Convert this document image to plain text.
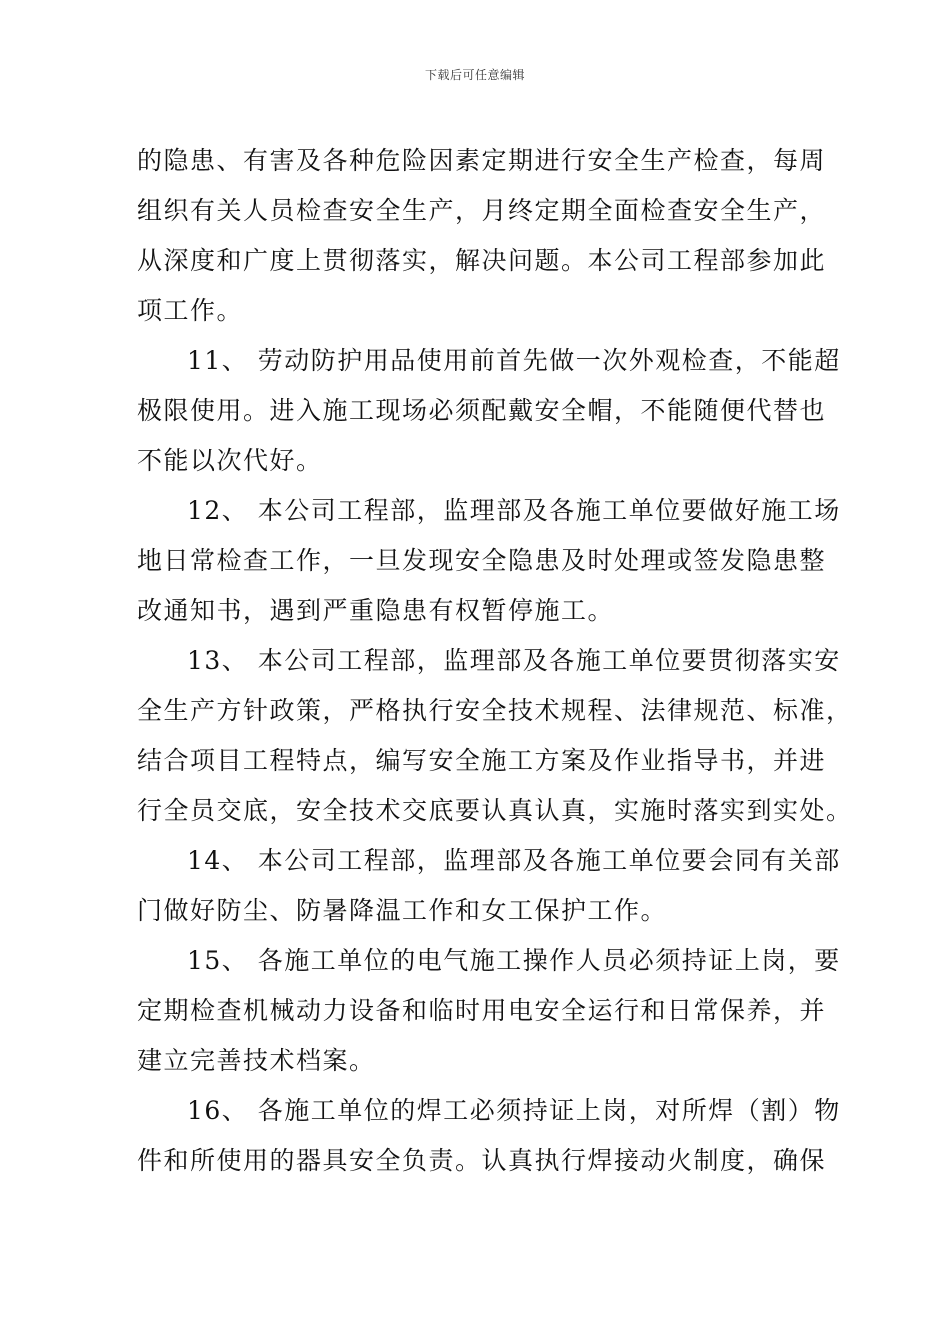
下载后可任意编辑
的隐患、有害及各种危险因素定期进行安全生产检查，每周
组织有关人员检查安全生产，月终定期全面检查安全生产，
从深度和广度上贯彻落实，解决问题。本公司工程部参加此
项工作。
11、 劳动防护用品使用前首先做一次外观检查，不能超
极限使用。进入施工现场必须配戴安全帽，不能随便代替也
不能以次代好。
12、 本公司工程部，监理部及各施工单位要做好施工场
地日常检查工作，一旦发现安全隐患及时处理或签发隐患整
改通知书，遇到严重隐患有权暂停施工。
13、 本公司工程部，监理部及各施工单位要贯彻落实安
全生产方针政策，严格执行安全技术规程、法律规范、标准，
结合项目工程特点，编写安全施工方案及作业指导书，并进
行全员交底，安全技术交底要认真认真，实施时落实到实处。
14、 本公司工程部，监理部及各施工单位要会同有关部
门做好防尘、防暑降温工作和女工保护工作。
15、 各施工单位的电气施工操作人员必须持证上岗，要
定期检查机械动力设备和临时用电安全运行和日常保养，并
建立完善技术档案。
16、 各施工单位的焊工必须持证上岗，对所焊（割）物
件和所使用的器具安全负责。认真执行焊接动火制度，确保
